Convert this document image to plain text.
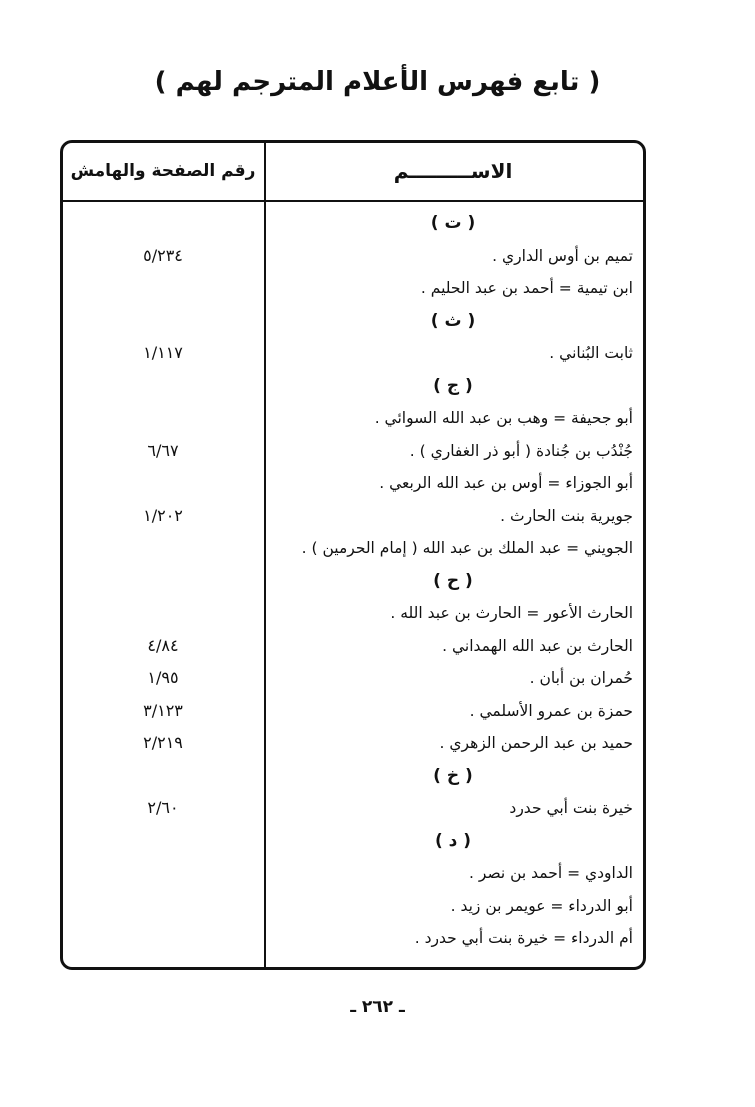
( تابع فهرس الأعلام المترجم لهم )
الاســـــــــم
رقم الصفحة والهامش
( ت )
تميم بن أوس الداري .
٥/٢٣٤
ابن تيمية = أحمد بن عبد الحليم .
( ث )
ثابت البُناني .
١/١١٧
( ج )
أبو جحيفة = وهب بن عبد الله السوائي .
جُنْدُب بن جُنادة ( أبو ذر الغفاري ) .
٦/٦٧
أبو الجوزاء = أوس بن عبد الله الربعي .
جويرية بنت الحارث .
١/٢٠٢
الجويني = عبد الملك بن عبد الله ( إمام الحرمين ) .
( ح )
الحارث الأعور = الحارث بن عبد الله .
الحارث بن عبد الله الهمداني .
٤/٨٤
حُمران بن أبان .
١/٩٥
حمزة بن عمرو الأسلمي .
٣/١٢٣
حميد بن عبد الرحمن الزهري .
٢/٢١٩
( خ )
خيرة بنت أبي حدرد
٢/٦٠
( د )
الداودي = أحمد بن نصر .
أبو الدرداء = عويمر بن زيد .
أم الدرداء = خيرة بنت أبي حدرد .
ـ ٢٦٢ ـ
